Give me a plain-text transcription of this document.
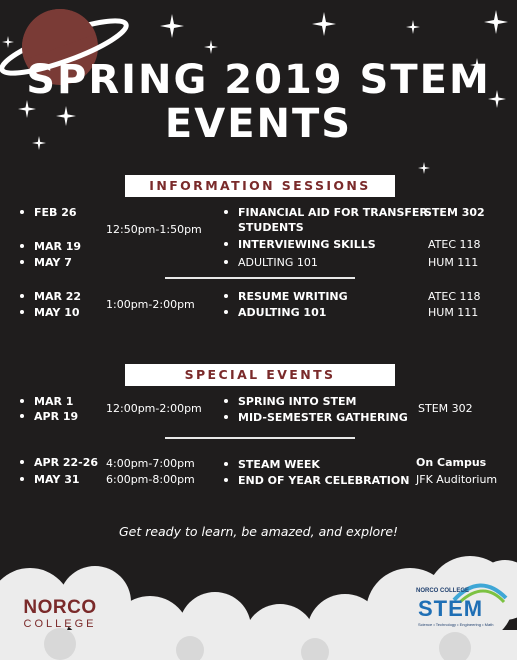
SPRING 2019 STEM
EVENTS
INFORMATION SESSIONS
FEB 26
MAR 19
MAY 7
12:50pm-1:50pm
FINANCIAL AID FOR TRANSFER
STUDENTS
INTERVIEWING SKILLS
ADULTING 101
STEM 302
ATEC 118
HUM 111
MAR 22
MAY 10
1:00pm-2:00pm
RESUME WRITING
ADULTING 101
ATEC 118
HUM 111
SPECIAL EVENTS
MAR 1
APR 19
12:00pm-2:00pm
SPRING INTO STEM
MID-SEMESTER GATHERING
STEM 302
APR 22-26
MAY 31
4:00pm-7:00pm
6:00pm-8:00pm
STEAM WEEK
END OF YEAR CELEBRATION
On Campus
JFK Auditorium
Get ready to learn, be amazed, and explore!
NORCO
COLLEGE
NORCO COLLEGE
STEM
Science • Technology • Engineering • Math
